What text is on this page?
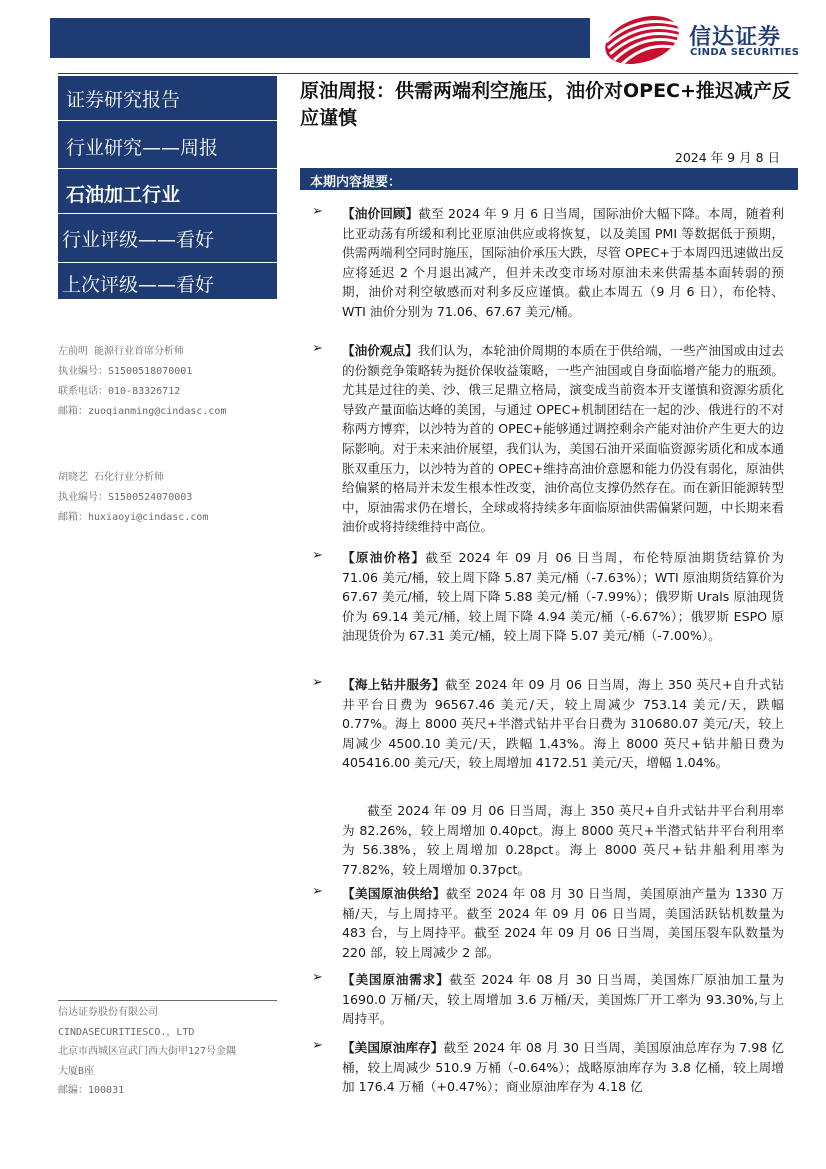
信达证券
CINDA SECURITIES
证券研究报告
行业研究——周报
石油加工行业
行业评级——看好
上次评级——看好
左前明 能源行业首席分析师
执业编号：S1500518070001
联系电话：010-83326712
邮箱：zuoqianming@cindasc.com
胡晓艺 石化行业分析师
执业编号：S1500524070003
邮箱：huxiaoyi@cindasc.com
信达证券股份有限公司
CINDASECURITIESCO.，LTD
北京市西城区宣武门西大街甲127号金隅
大厦B座
邮编：100031
原油周报：供需两端利空施压，油价对OPEC+推迟减产反应谨慎
2024 年 9 月 8 日
本期内容提要：
➢ 【油价回顾】截至 2024 年 9 月 6 日当周，国际油价大幅下降。本周，随着利比亚动荡有所缓和利比亚原油供应或将恢复，以及美国 PMI 等数据低于预期，供需两端利空同时施压，国际油价承压大跌，尽管 OPEC+于本周四迅速做出反应将延迟 2 个月退出减产，但并未改变市场对原油未来供需基本面转弱的预期，油价对利空敏感而对利多反应谨慎。截止本周五（9 月 6 日），布伦特、WTI 油价分别为 71.06、67.67 美元/桶。
➢ 【油价观点】我们认为，本轮油价周期的本质在于供给端，一些产油国或由过去的份额竞争策略转为挺价保收益策略，一些产油国或自身面临增产能力的瓶颈。尤其是过往的美、沙、俄三足鼎立格局，演变成当前资本开支谨慎和资源劣质化导致产量面临达峰的美国，与通过 OPEC+机制团结在一起的沙、俄进行的不对称两方博弈，以沙特为首的 OPEC+能够通过调控剩余产能对油价产生更大的边际影响。对于未来油价展望，我们认为，美国石油开采面临资源劣质化和成本通胀双重压力，以沙特为首的 OPEC+维持高油价意愿和能力仍没有弱化，原油供给偏紧的格局并未发生根本性改变，油价高位支撑仍然存在。而在新旧能源转型中，原油需求仍在增长，全球或将持续多年面临原油供需偏紧问题，中长期来看油价或将持续维持中高位。
➢ 【原油价格】截至 2024 年 09 月 06 日当周，布伦特原油期货结算价为 71.06 美元/桶，较上周下降 5.87 美元/桶（-7.63%）；WTI 原油期货结算价为 67.67 美元/桶，较上周下降 5.88 美元/桶（-7.99%）；俄罗斯 Urals 原油现货价为 69.14 美元/桶，较上周下降 4.94 美元/桶（-6.67%）；俄罗斯 ESPO 原油现货价为 67.31 美元/桶，较上周下降 5.07 美元/桶（-7.00%）。
➢ 【海上钻井服务】截至 2024 年 09 月 06 日当周，海上 350 英尺+自升式钻井平台日费为 96567.46 美元/天，较上周减少 753.14 美元/天，跌幅 0.77%。海上 8000 英尺+半潜式钻井平台日费为 310680.07 美元/天，较上周减少 4500.10 美元/天，跌幅 1.43%。海上 8000 英尺+钻井船日费为 405416.00 美元/天，较上周增加 4172.51 美元/天，增幅 1.04%。
截至 2024 年 09 月 06 日当周，海上 350 英尺+自升式钻井平台利用率为 82.26%，较上周增加 0.40pct。海上 8000 英尺+半潜式钻井平台利用率为 56.38%，较上周增加 0.28pct。海上 8000 英尺+钻井船利用率为 77.82%，较上周增加 0.37pct。
➢ 【美国原油供给】截至 2024 年 08 月 30 日当周，美国原油产量为 1330 万桶/天，与上周持平。截至 2024 年 09 月 06 日当周，美国活跃钻机数量为 483 台，与上周持平。截至 2024 年 09 月 06 日当周，美国压裂车队数量为 220 部，较上周减少 2 部。
➢ 【美国原油需求】截至 2024 年 08 月 30 日当周，美国炼厂原油加工量为 1690.0 万桶/天，较上周增加 3.6 万桶/天，美国炼厂开工率为 93.30%,与上周持平。
➢ 【美国原油库存】截至 2024 年 08 月 30 日当周，美国原油总库存为 7.98 亿桶，较上周减少 510.9 万桶（-0.64%）；战略原油库存为 3.8 亿桶，较上周增加 176.4 万桶（+0.47%）；商业原油库存为 4.18 亿
